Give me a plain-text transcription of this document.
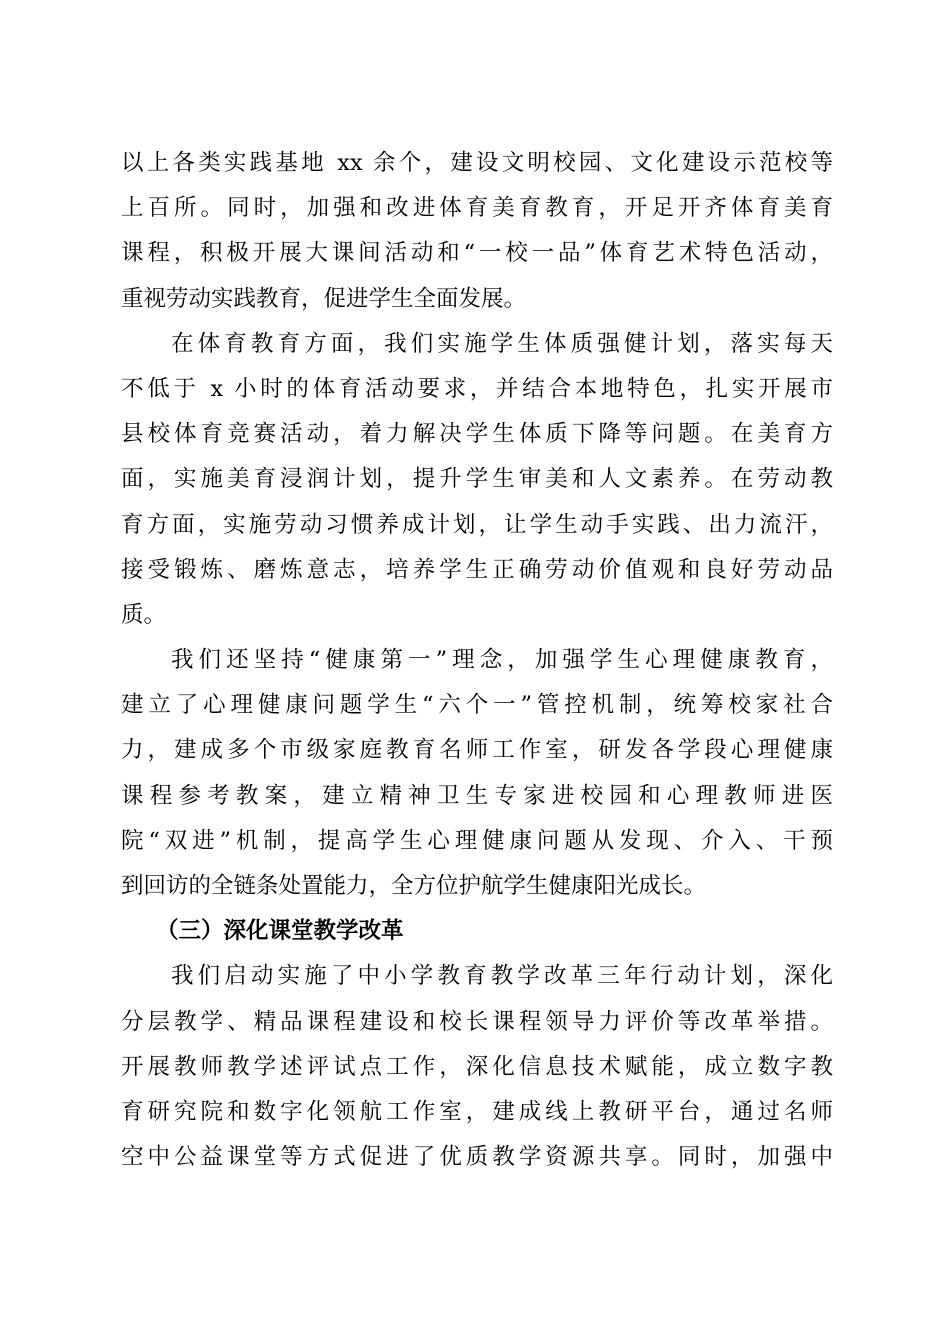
以上各类实践基地 xx 余个，建设文明校园、文化建设示范校等
上百所。同时，加强和改进体育美育教育，开足开齐体育美育
课程，积极开展大课间活动和“一校一品”体育艺术特色活动，
重视劳动实践教育，促进学生全面发展。
在体育教育方面，我们实施学生体质强健计划，落实每天
不低于 x 小时的体育活动要求，并结合本地特色，扎实开展市
县校体育竞赛活动，着力解决学生体质下降等问题。在美育方
面，实施美育浸润计划，提升学生审美和人文素养。在劳动教
育方面，实施劳动习惯养成计划，让学生动手实践、出力流汗，
接受锻炼、磨炼意志，培养学生正确劳动价值观和良好劳动品
质。
我们还坚持“健康第一”理念，加强学生心理健康教育，
建立了心理健康问题学生“六个一”管控机制，统筹校家社合
力，建成多个市级家庭教育名师工作室，研发各学段心理健康
课程参考教案，建立精神卫生专家进校园和心理教师进医
院“双进”机制，提高学生心理健康问题从发现、介入、干预
到回访的全链条处置能力，全方位护航学生健康阳光成长。
（三）深化课堂教学改革
我们启动实施了中小学教育教学改革三年行动计划，深化
分层教学、精品课程建设和校长课程领导力评价等改革举措。
开展教师教学述评试点工作，深化信息技术赋能，成立数字教
育研究院和数字化领航工作室，建成线上教研平台，通过名师
空中公益课堂等方式促进了优质教学资源共享。同时，加强中
